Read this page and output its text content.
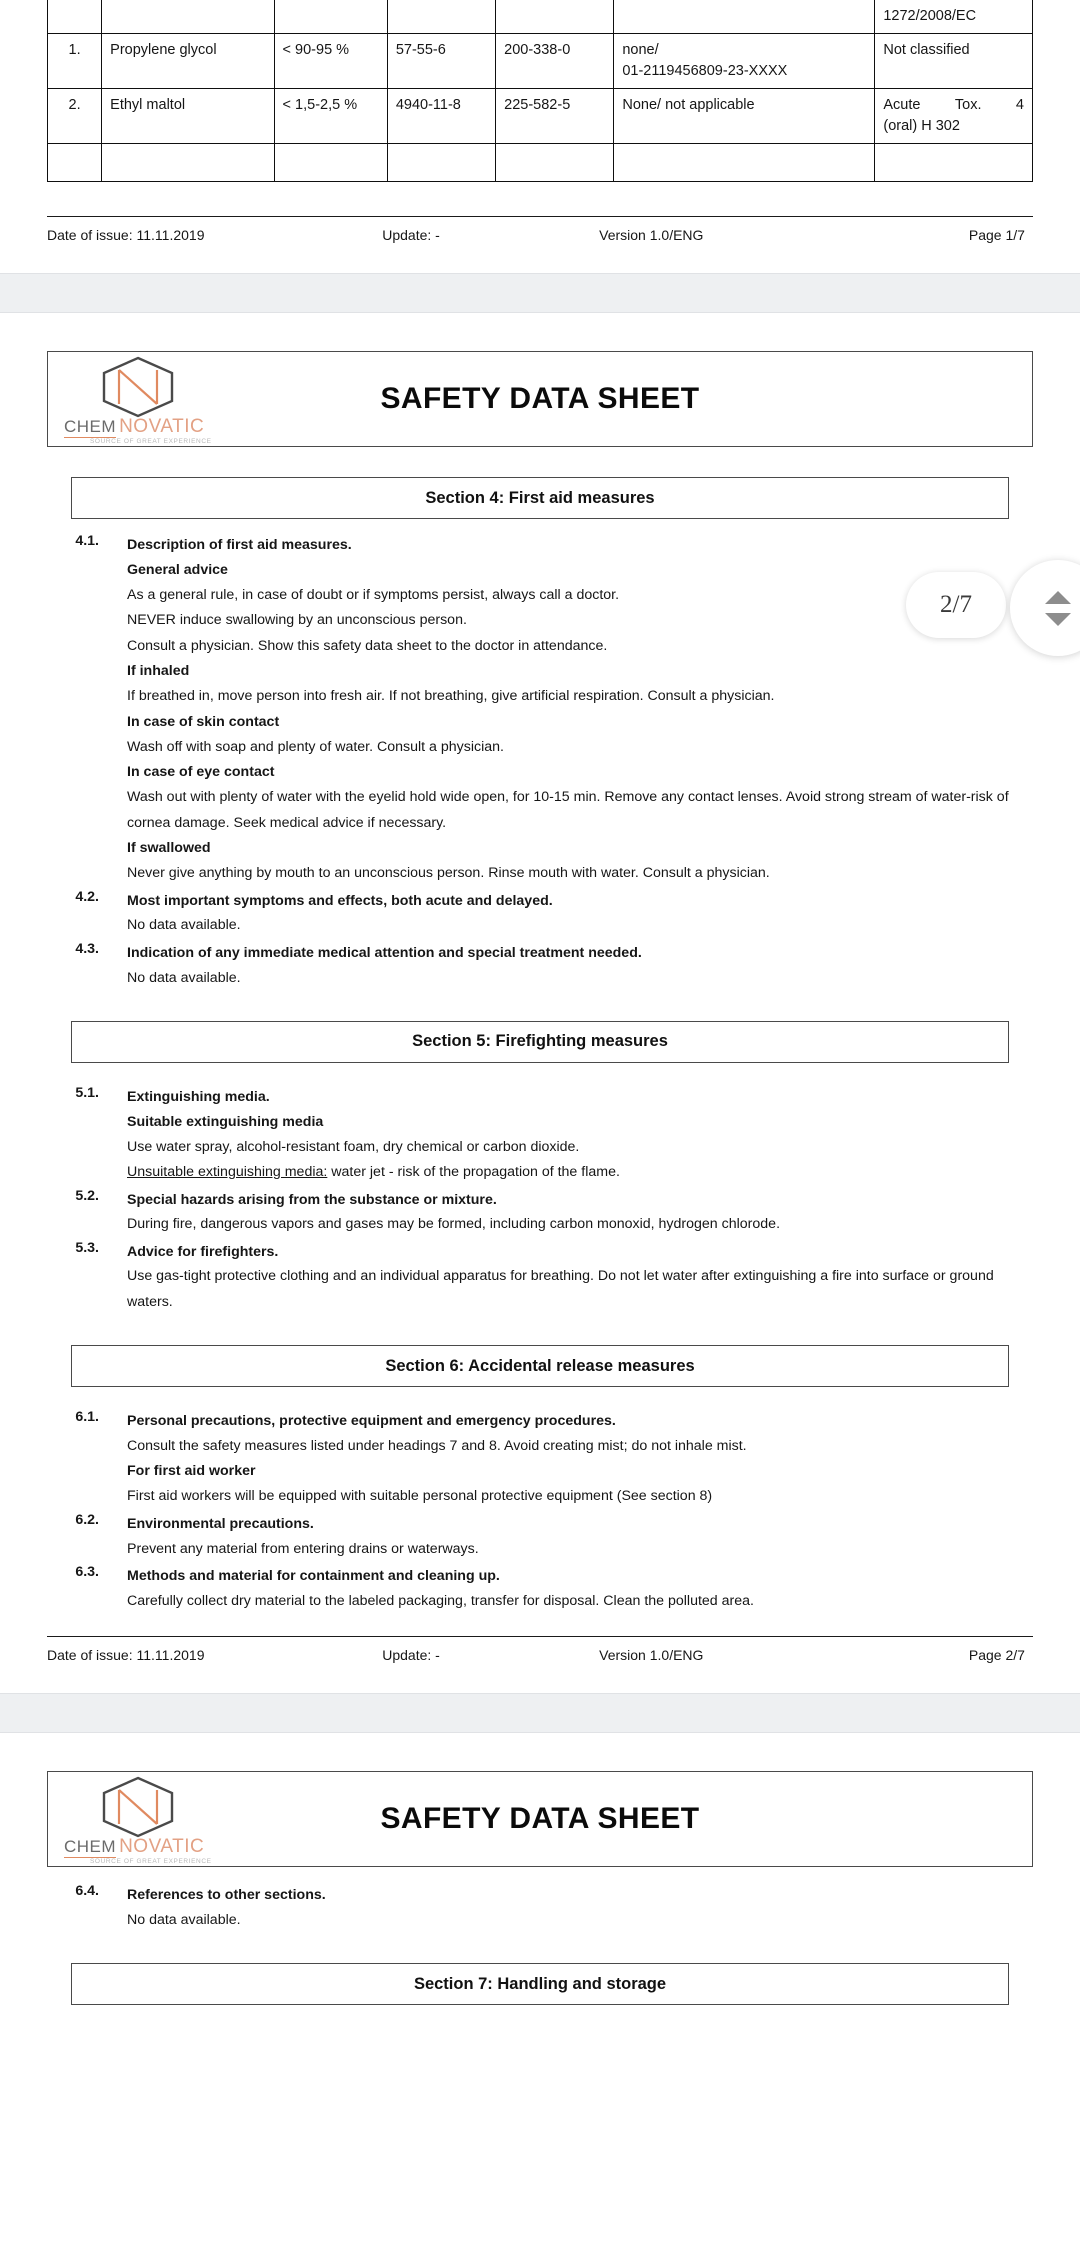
						1272/2008/EC
1.	Propylene glycol	< 90-95 %	57-55-6	200-338-0	none/
01-2119456809-23-XXXX	Not classified
2.	Ethyl maltol	< 1,5-2,5 %	4940-11-8	225-582-5	None/ not applicable	Acute Tox. 4
(oral) H 302

Date of issue: 11.11.2019	Update: -	Version 1.0/ENG	Page 1/7
CHEM NOVATIC
SOURCE OF GREAT EXPERIENCE
SAFETY DATA SHEET
Section 4: First aid measures
4.1. Description of first aid measures.
General advice

As a general rule, in case of doubt or if symptoms persist, always call a doctor.

NEVER induce swallowing by an unconscious person.

Consult a physician. Show this safety data sheet to the doctor in attendance.

If inhaled

If breathed in, move person into fresh air. If not breathing, give artificial respiration. Consult a physician.

In case of skin contact

Wash off with soap and plenty of water. Consult a physician.

In case of eye contact

Wash out with plenty of water with the eyelid hold wide open, for 10-15 min. Remove any contact lenses. Avoid strong stream of water-risk of cornea damage. Seek medical advice if necessary.

If swallowed

Never give anything by mouth to an unconscious person. Rinse mouth with water. Consult a physician.

4.2. Most important symptoms and effects, both acute and delayed.

No data available.

4.3. Indication of any immediate medical attention and special treatment needed.

No data available.

Section 5: Firefighting measures
5.1. Extinguishing media.
Suitable extinguishing media

Use water spray, alcohol-resistant foam, dry chemical or carbon dioxide.

Unsuitable extinguishing media: water jet - risk of the propagation of the flame.

5.2. Special hazards arising from the substance or mixture.

During fire, dangerous vapors and gases may be formed, including carbon monoxid, hydrogen chlorode.

5.3. Advice for firefighters.

Use gas-tight protective clothing and an individual apparatus for breathing. Do not let water after extinguishing a fire into surface or ground waters.

Section 6: Accidental release measures
6.1. Personal precautions, protective equipment and emergency procedures.

Consult the safety measures listed under headings 7 and 8. Avoid creating mist; do not inhale mist.

For first aid worker

First aid workers will be equipped with suitable personal protective equipment (See section 8)

6.2. Environmental precautions.

Prevent any material from entering drains or waterways.

6.3. Methods and material for containment and cleaning up.

Carefully collect dry material to the labeled packaging, transfer for disposal. Clean the polluted area.

Date of issue: 11.11.2019	Update: -	Version 1.0/ENG	Page 2/7
CHEM NOVATIC
SOURCE OF GREAT EXPERIENCE
SAFETY DATA SHEET
6.4. References to other sections.

No data available.

Section 7: Handling and storage
2/7
